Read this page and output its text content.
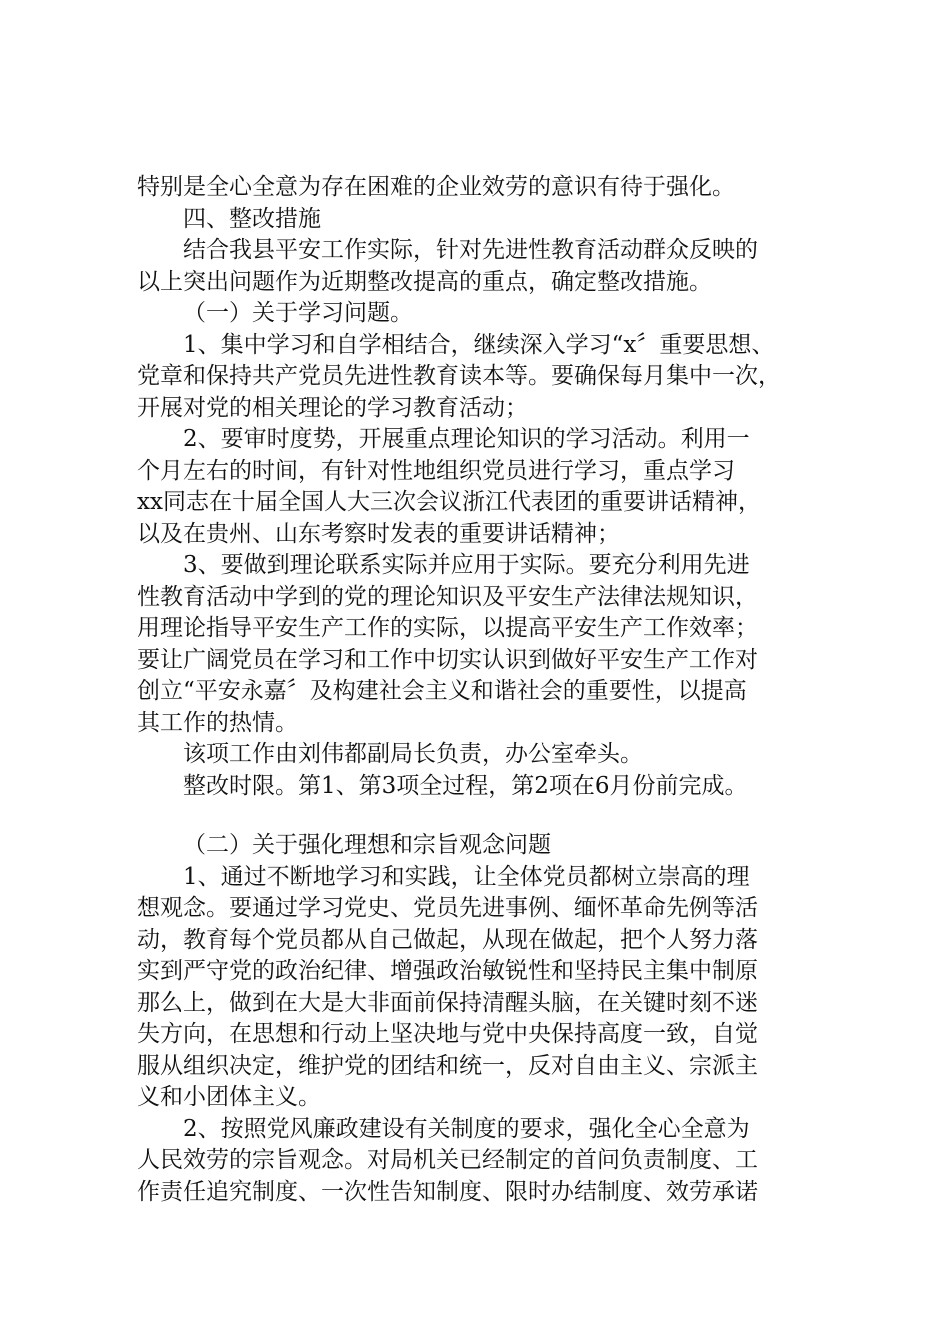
特别是全心全意为存在困难的企业效劳的意识有待于强化。
四、整改措施
结合我县平安工作实际，针对先进性教育活动群众反映的
以上突出问题作为近期整改提高的重点，确定整改措施。
（一）关于学习问题。
1、集中学习和自学相结合，继续深入学习“x〞重要思想、
党章和保持共产党员先进性教育读本等。要确保每月集中一次，
开展对党的相关理论的学习教育活动；
2、要审时度势，开展重点理论知识的学习活动。利用一
个月左右的时间，有针对性地组织党员进行学习，重点学习
xx同志在十届全国人大三次会议浙江代表团的重要讲话精神，
以及在贵州、山东考察时发表的重要讲话精神；
3、要做到理论联系实际并应用于实际。要充分利用先进
性教育活动中学到的党的理论知识及平安生产法律法规知识，
用理论指导平安生产工作的实际，以提高平安生产工作效率；
要让广阔党员在学习和工作中切实认识到做好平安生产工作对
创立“平安永嘉〞及构建社会主义和谐社会的重要性，以提高
其工作的热情。
该项工作由刘伟都副局长负责，办公室牵头。
整改时限。第1、第3项全过程，第2项在6月份前完成。
（二）关于强化理想和宗旨观念问题
1、通过不断地学习和实践，让全体党员都树立崇高的理
想观念。要通过学习党史、党员先进事例、缅怀革命先例等活
动，教育每个党员都从自己做起，从现在做起，把个人努力落
实到严守党的政治纪律、增强政治敏锐性和坚持民主集中制原
那么上，做到在大是大非面前保持清醒头脑，在关键时刻不迷
失方向，在思想和行动上坚决地与党中央保持高度一致，自觉
服从组织决定，维护党的团结和统一，反对自由主义、宗派主
义和小团体主义。
2、按照党风廉政建设有关制度的要求，强化全心全意为
人民效劳的宗旨观念。对局机关已经制定的首问负责制度、工
作责任追究制度、一次性告知制度、限时办结制度、效劳承诺
